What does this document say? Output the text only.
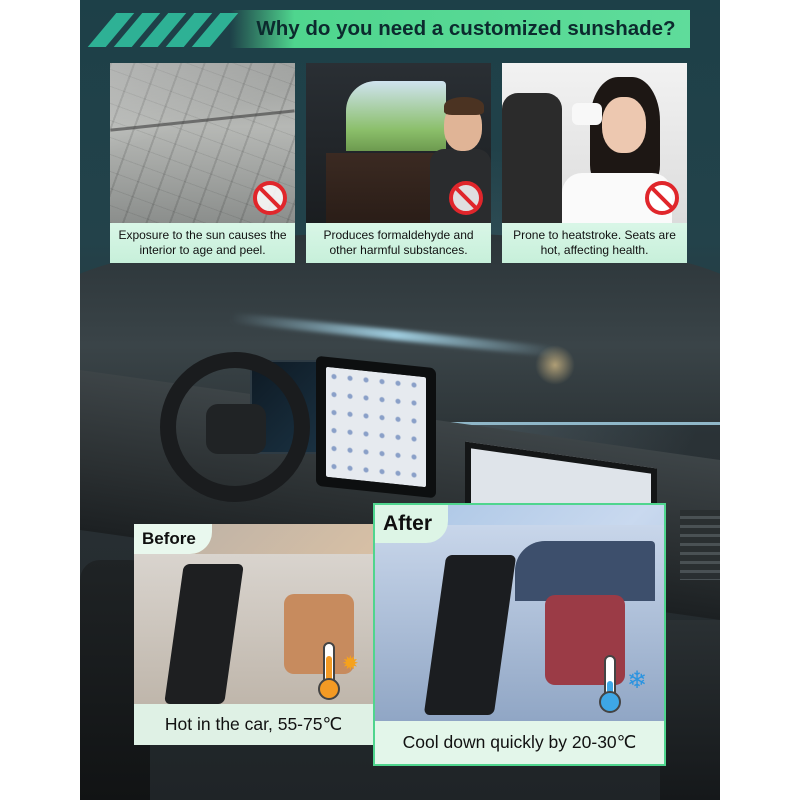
Why do you need a customized sunshade?
Exposure to the sun causes the interior to age and peel.
Produces formaldehyde and other harmful substances.
Prone to heatstroke. Seats are hot, affecting health.
✹
Before
Hot in the car, 55-75℃
❄
After
Cool down quickly by 20-30℃
